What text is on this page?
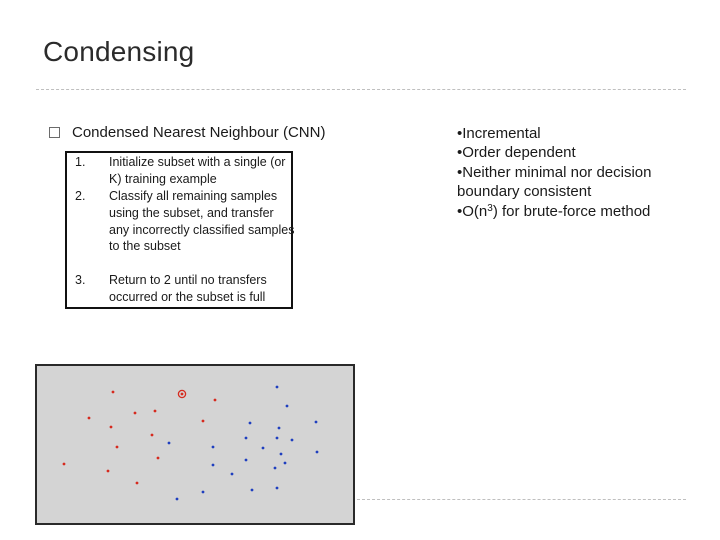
Condensing
Condensed Nearest Neighbour (CNN)
1.	Initialize subset with a single (or K) training example
2.	Classify all remaining samples using the subset, and transfer any incorrectly classified samples to the subset
3.	Return to 2 until no transfers occurred or the subset is full
•Incremental
•Order dependent
•Neither minimal nor decision
boundary consistent
$•O(n^3)$ for brute-force method
